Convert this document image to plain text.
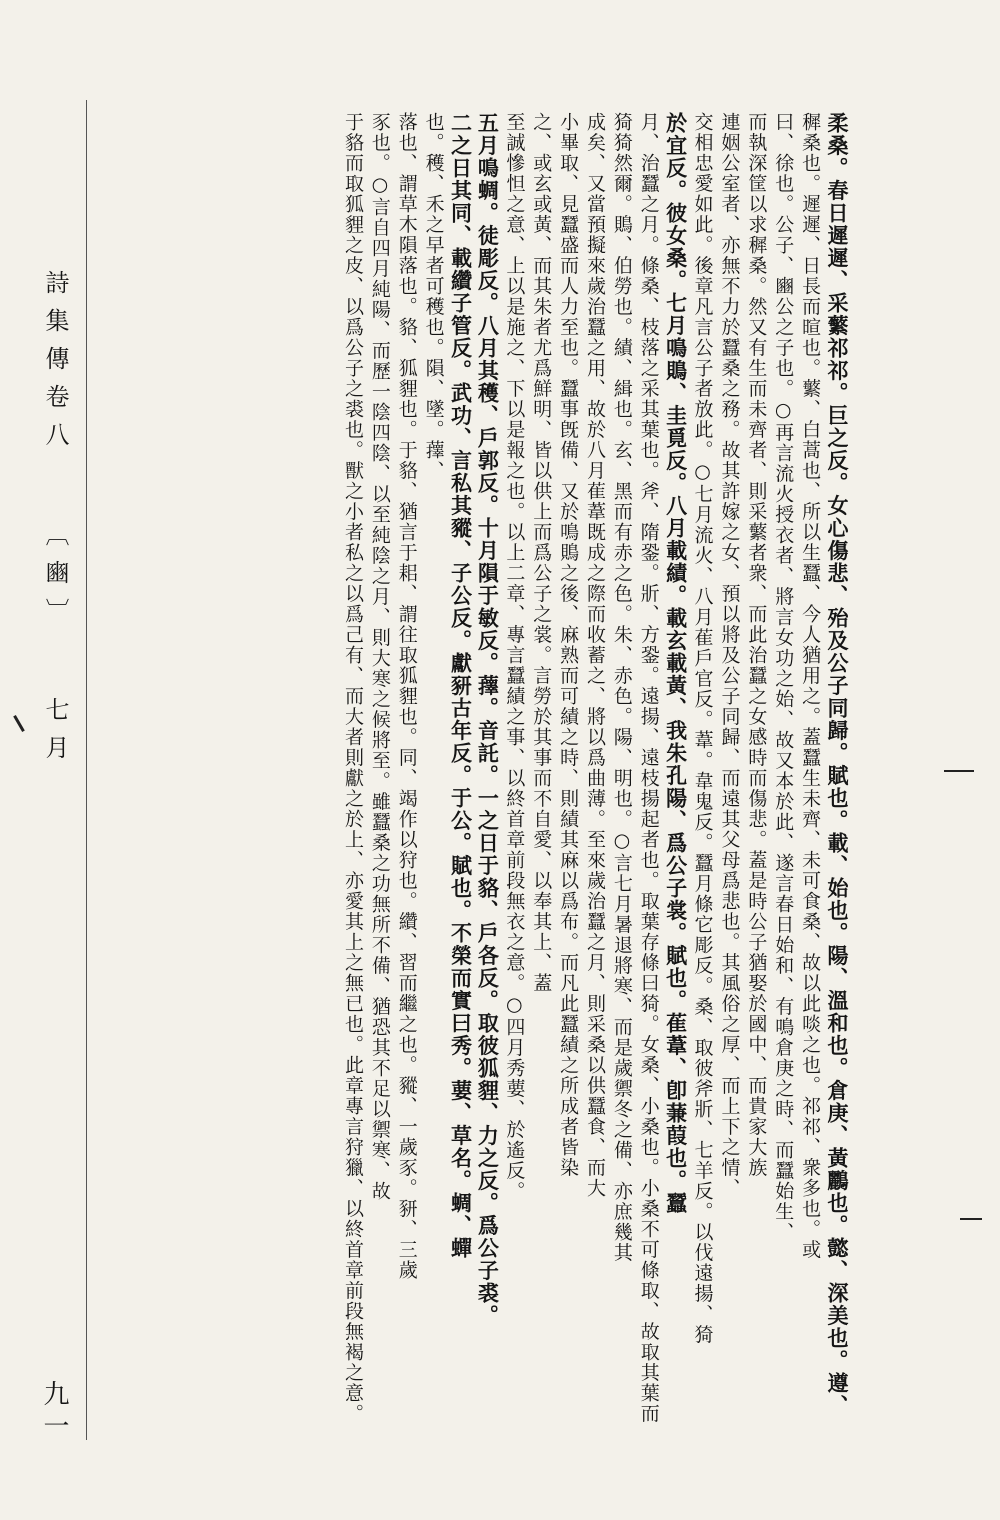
詩集傳卷八 〔豳〕 七月
九一
柔桑。春日遲遲、采蘩祁祁。巨之反。女心傷悲、殆及公子同歸。賦也。載、始也。陽、溫和也。倉庚、黃鸝也。懿、深美也。遵、
穉桑也。遲遲、日長而暄也。蘩、白蒿也、所以生蠶、今人猶用之。蓋蠶生未齊、未可食桑、故以此啖之也。祁祁、衆多也。或
曰、徐也。公子、豳公之子也。○再言流火授衣者、將言女功之始、故又本於此、遂言春日始和、有鳴倉庚之時、而蠶始生、
而執深筐以求穉桑。然又有生而未齊者、則采蘩者衆、而此治蠶之女感時而傷悲。蓋是時公子猶娶於國中、而貴家大族
連姻公室者、亦無不力於蠶桑之務。故其許嫁之女、預以將及公子同歸、而遠其父母爲悲也。其風俗之厚、而上下之情、
交相忠愛如此。後章凡言公子者放此。○七月流火、八月萑戶官反。葦。韋鬼反。蠶月條它彫反。桑、取彼斧斨、七羊反。以伐遠揚、猗
於宜反。彼女桑。七月鳴鵙、圭覓反。八月載績。載玄載黃、我朱孔陽、爲公子裳。賦也。萑葦、卽蒹葭也。蠶
月、治蠶之月。條桑、枝落之采其葉也。斧、隋銎。斨、方銎。遠揚、遠枝揚起者也。取葉存條曰猗。女桑、小桑也。小桑不可條取、故取其葉而
猗猗然爾。鵙、伯勞也。績、緝也。玄、黑而有赤之色。朱、赤色。陽、明也。○言七月暑退將寒、而是歲禦冬之備、亦庶幾其
成矣、又當預擬來歲治蠶之用、故於八月萑葦既成之際而收蓄之、將以爲曲薄。至來歲治蠶之月、則采桑以供蠶食、而大
小畢取、見蠶盛而人力至也。蠶事旣備、又於鳴鵙之後、麻熟而可績之時、則績其麻以爲布。而凡此蠶績之所成者皆染
之、或玄或黃、而其朱者尤爲鮮明、皆以供上而爲公子之裳。言勞於其事而不自愛、以奉其上、蓋
至誠慘怛之意、上以是施之、下以是報之也。以上二章、專言蠶績之事、以終首章前段無衣之意。○四月秀葽、於遙反。
五月鳴蜩。徒彫反。八月其穫、戶郭反。十月隕于敏反。蘀。音託。一之日于貉、戶各反。取彼狐貍、力之反。爲公子裘。
二之日其同、載纘子管反。武功、言私其豵、子公反。獻豜古年反。于公。賦也。不榮而實曰秀。葽、草名。蜩、蟬
也。穫、禾之早者可穫也。隕、墜。蘀、
落也、謂草木隕落也。貉、狐貍也。于貉、猶言于耜、謂往取狐貍也。同、竭作以狩也。纘、習而繼之也。豵、一歲豕。豜、三歲
豕也。○言自四月純陽、而歷一陰四陰、以至純陰之月、則大寒之候將至。雖蠶桑之功無所不備、猶恐其不足以禦寒、故
于貉而取狐貍之皮、以爲公子之裘也。獸之小者私之以爲己有、而大者則獻之於上、亦愛其上之無已也。此章專言狩獵、以終首章前段無褐之意。
